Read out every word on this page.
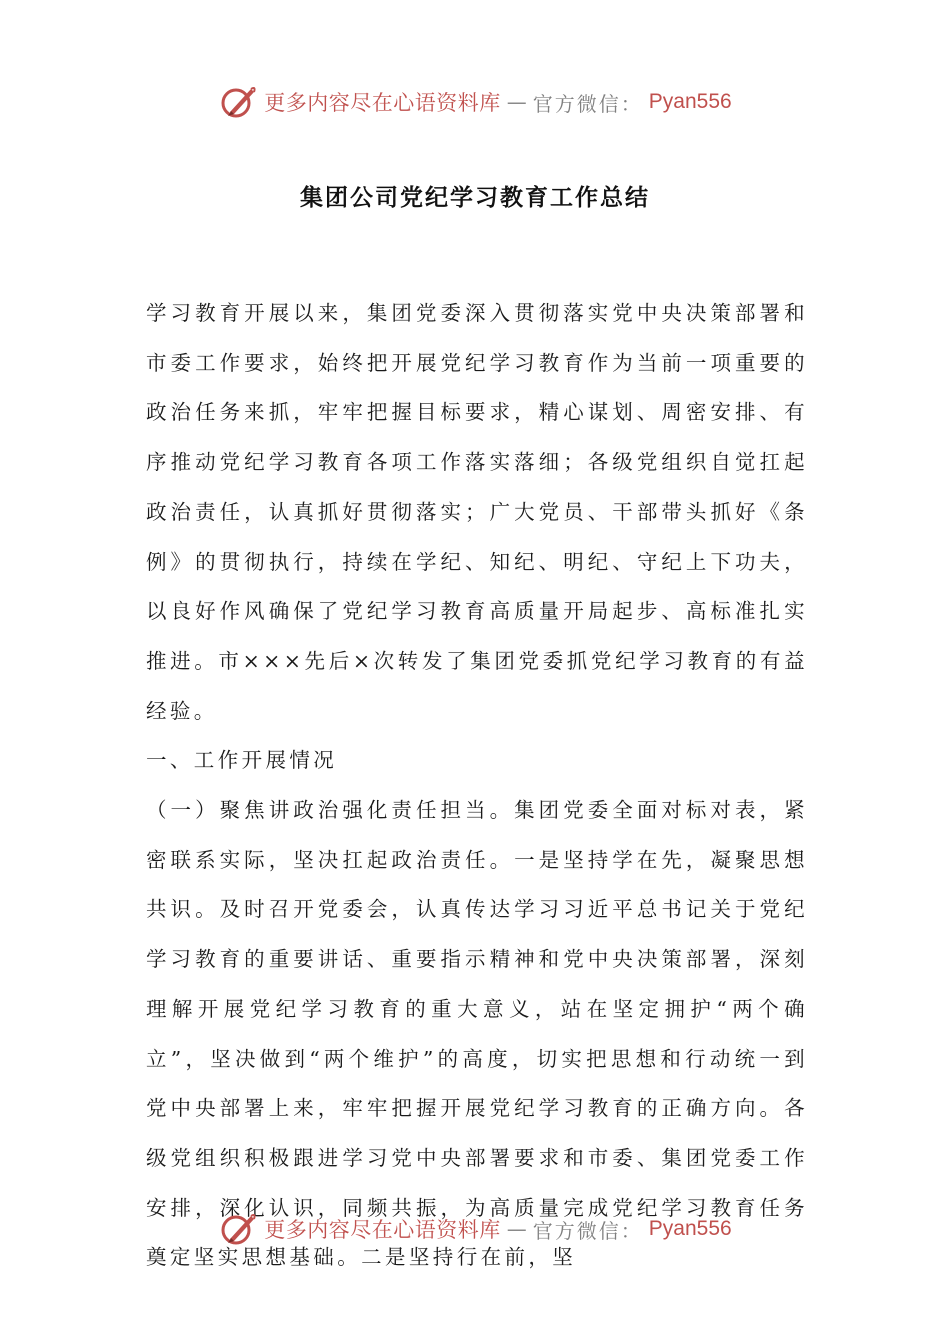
更多内容尽在心语资料库 — 官方微信： Pyan556
集团公司党纪学习教育工作总结

学习教育开展以来，集团党委深入贯彻落实党中央决策部署和市委工作要求，始终把开展党纪学习教育作为当前一项重要的政治任务来抓，牢牢把握目标要求，精心谋划、周密安排、有序推动党纪学习教育各项工作落实落细；各级党组织自觉扛起政治责任，认真抓好贯彻落实；广大党员、干部带头抓好《条例》的贯彻执行，持续在学纪、知纪、明纪、守纪上下功夫，以良好作风确保了党纪学习教育高质量开局起步、高标准扎实推进。市×××先后×次转发了集团党委抓党纪学习教育的有益经验。

一、工作开展情况

（一）聚焦讲政治强化责任担当。集团党委全面对标对表，紧密联系实际，坚决扛起政治责任。一是坚持学在先，凝聚思想共识。及时召开党委会，认真传达学习习近平总书记关于党纪学习教育的重要讲话、重要指示精神和党中央决策部署，深刻理解开展党纪学习教育的重大意义，站在坚定拥护“两个确立”，坚决做到“两个维护”的高度，切实把思想和行动统一到党中央部署上来，牢牢把握开展党纪学习教育的正确方向。各级党组织积极跟进学习党中央部署要求和市委、集团党委工作安排，深化认识，同频共振，为高质量完成党纪学习教育任务奠定坚实思想基础。二是坚持行在前，坚

更多内容尽在心语资料库 — 官方微信： Pyan556
